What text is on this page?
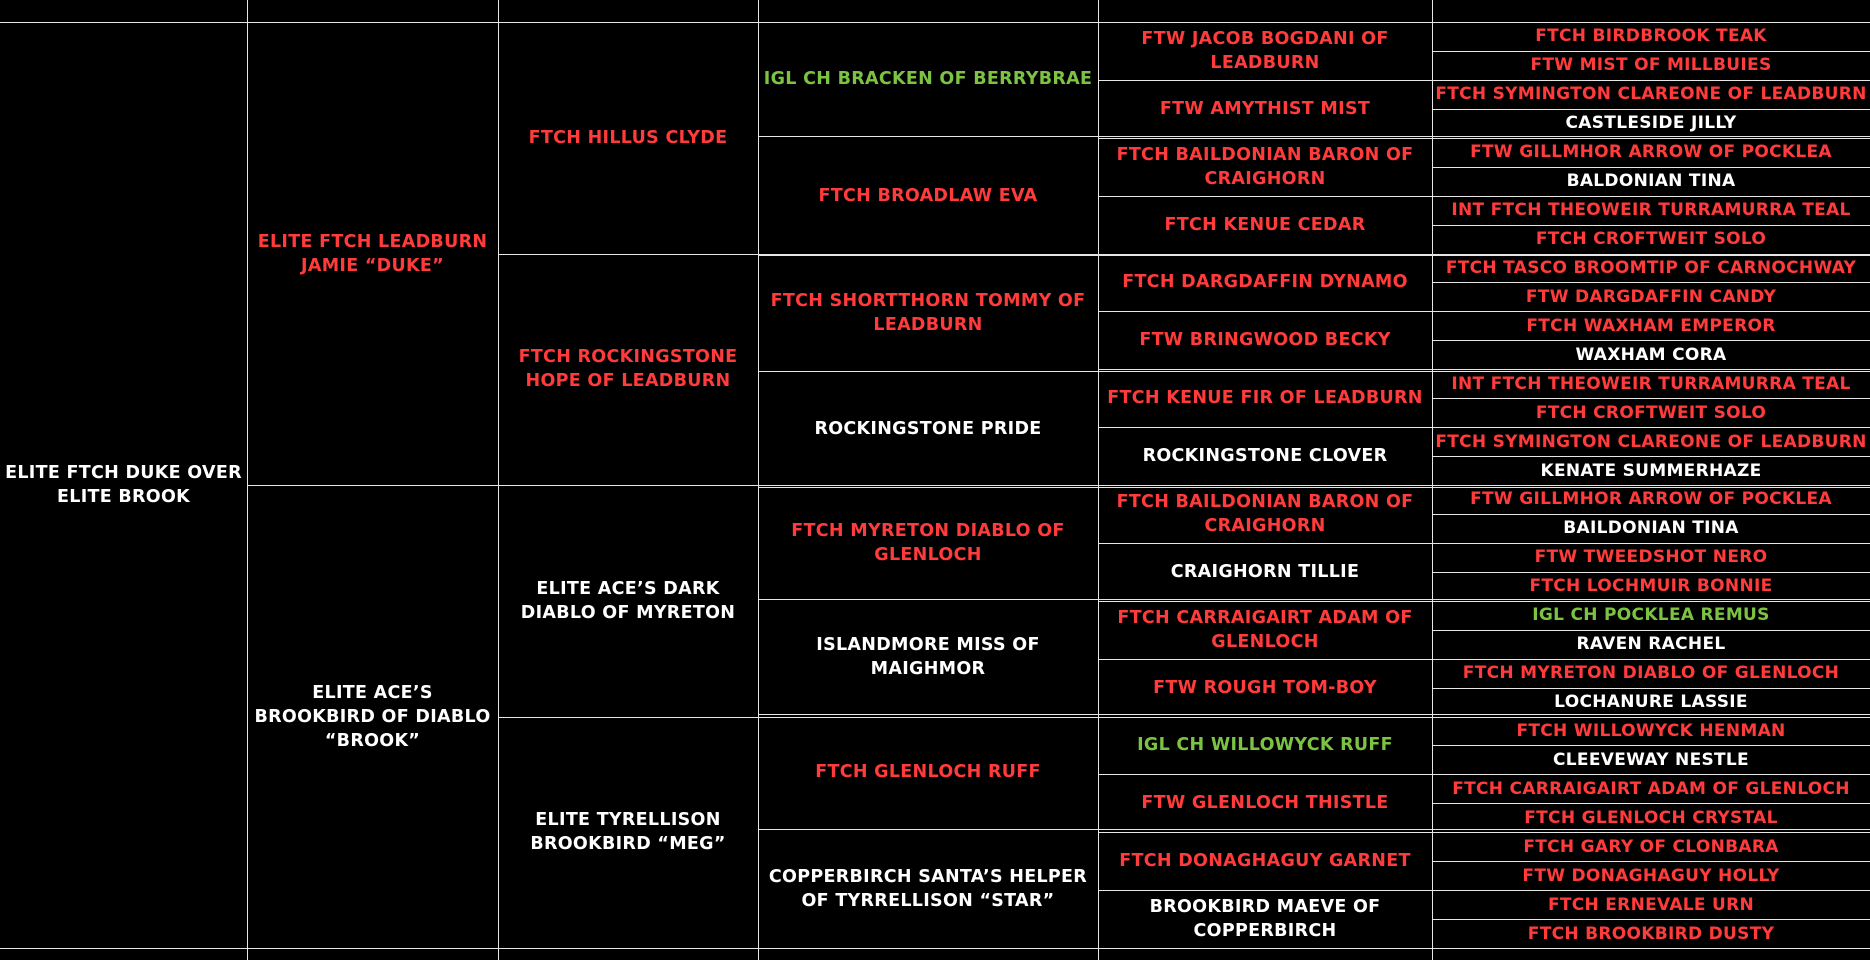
ELITE FTCH DUKE OVER ELITE BROOK
ELITE FTCH LEADBURN JAMIE “DUKE”
ELITE ACE’S BROOKBIRD OF DIABLO “BROOK”
FTCH HILLUS CLYDE
FTCH ROCKINGSTONE HOPE OF LEADBURN
ELITE ACE’S DARK DIABLO OF MYRETON
ELITE TYRELLISON BROOKBIRD “MEG”
IGL CH BRACKEN OF BERRYBRAE
FTCH BROADLAW EVA
FTCH SHORTTHORN TOMMY OF LEADBURN
ROCKINGSTONE PRIDE
FTCH MYRETON DIABLO OF GLENLOCH
ISLANDMORE MISS OF MAIGHMOR
FTCH GLENLOCH RUFF
COPPERBIRCH SANTA’S HELPER OF TYRRELLISON “STAR”
FTW JACOB BOGDANI OF LEADBURN
FTW AMYTHIST MIST
FTCH BAILDONIAN BARON OF CRAIGHORN
FTCH KENUE CEDAR
FTCH DARGDAFFIN DYNAMO
FTW BRINGWOOD BECKY
FTCH KENUE FIR OF LEADBURN
ROCKINGSTONE CLOVER
FTCH BAILDONIAN BARON OF CRAIGHORN
CRAIGHORN TILLIE
FTCH CARRAIGAIRT ADAM OF GLENLOCH
FTW ROUGH TOM-BOY
IGL CH WILLOWYCK RUFF
FTW GLENLOCH THISTLE
FTCH DONAGHAGUY GARNET
BROOKBIRD MAEVE OF COPPERBIRCH
FTCH BIRDBROOK TEAK
FTW MIST OF MILLBUIES
FTCH SYMINGTON CLAREONE OF LEADBURN
CASTLESIDE JILLY
FTW GILLMHOR ARROW OF POCKLEA
BALDONIAN TINA
INT FTCH THEOWEIR TURRAMURRA TEAL
FTCH CROFTWEIT SOLO
FTCH TASCO BROOMTIP OF CARNOCHWAY
FTW DARGDAFFIN CANDY
FTCH WAXHAM EMPEROR
WAXHAM CORA
INT FTCH THEOWEIR TURRAMURRA TEAL
FTCH CROFTWEIT SOLO
FTCH SYMINGTON CLAREONE OF LEADBURN
KENATE SUMMERHAZE
FTW GILLMHOR ARROW OF POCKLEA
BAILDONIAN TINA
FTW TWEEDSHOT NERO
FTCH LOCHMUIR BONNIE
IGL CH POCKLEA REMUS
RAVEN RACHEL
FTCH MYRETON DIABLO OF GLENLOCH
LOCHANURE LASSIE
FTCH WILLOWYCK HENMAN
CLEEVEWAY NESTLE
FTCH CARRAIGAIRT ADAM OF GLENLOCH
FTCH GLENLOCH CRYSTAL
FTCH GARY OF CLONBARA
FTW DONAGHAGUY HOLLY
FTCH ERNEVALE URN
FTCH BROOKBIRD DUSTY
